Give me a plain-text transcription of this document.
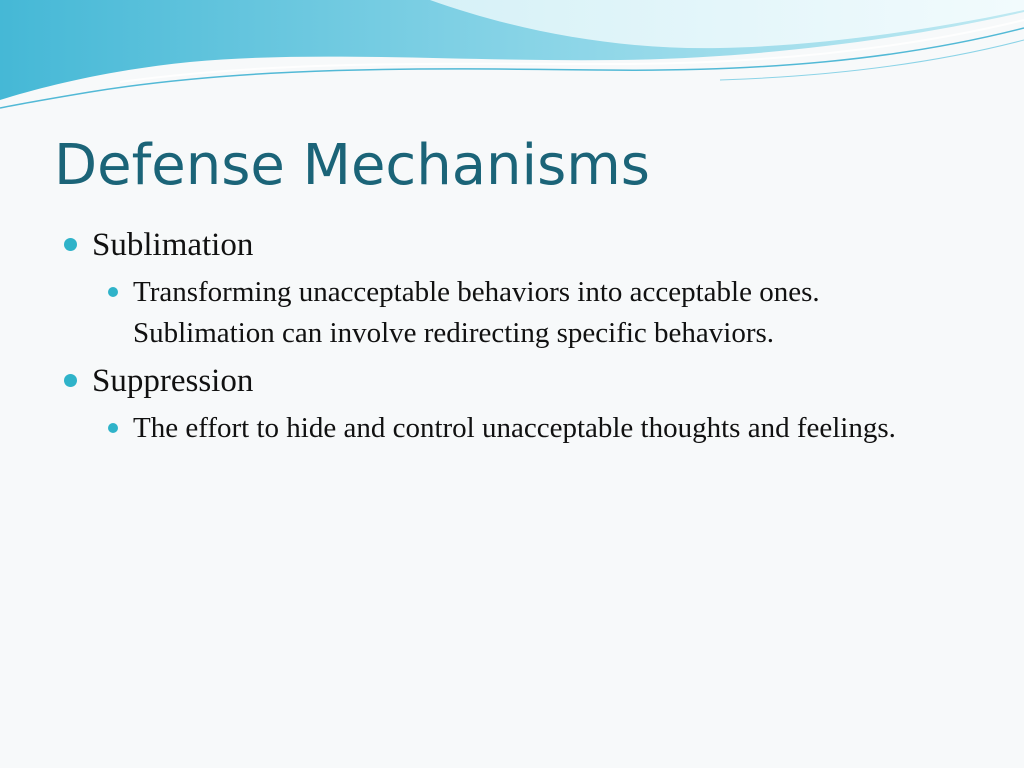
Defense Mechanisms
Sublimation
Transforming unacceptable behaviors into acceptable ones. Sublimation can involve redirecting specific behaviors.
Suppression
The effort to hide and control unacceptable thoughts and feelings.
